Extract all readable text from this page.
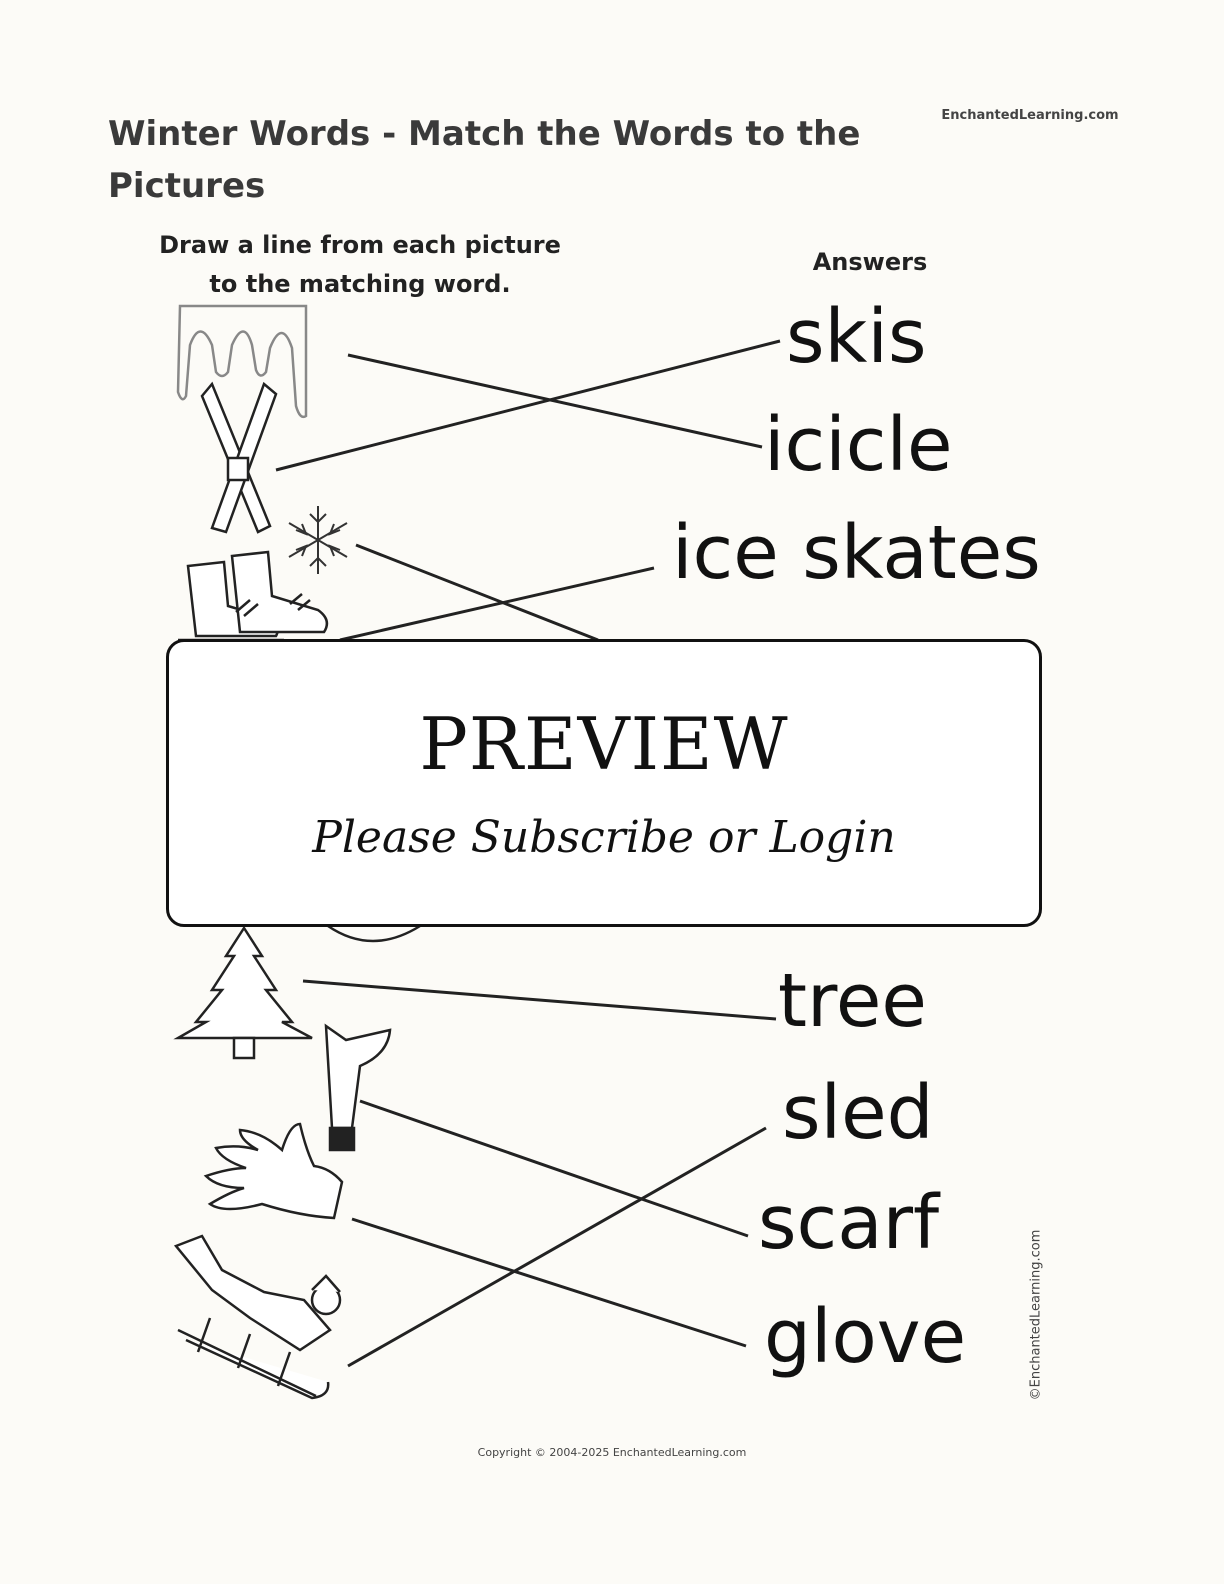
Winter Words - Match the Words to the Pictures
EnchantedLearning.com
Draw a line from each picture to the matching word.
Answers
skis
icicle
ice skates
tree
sled
scarf
glove
PREVIEW
Please Subscribe or Login
©EnchantedLearning.com
Copyright © 2004-2025 EnchantedLearning.com
